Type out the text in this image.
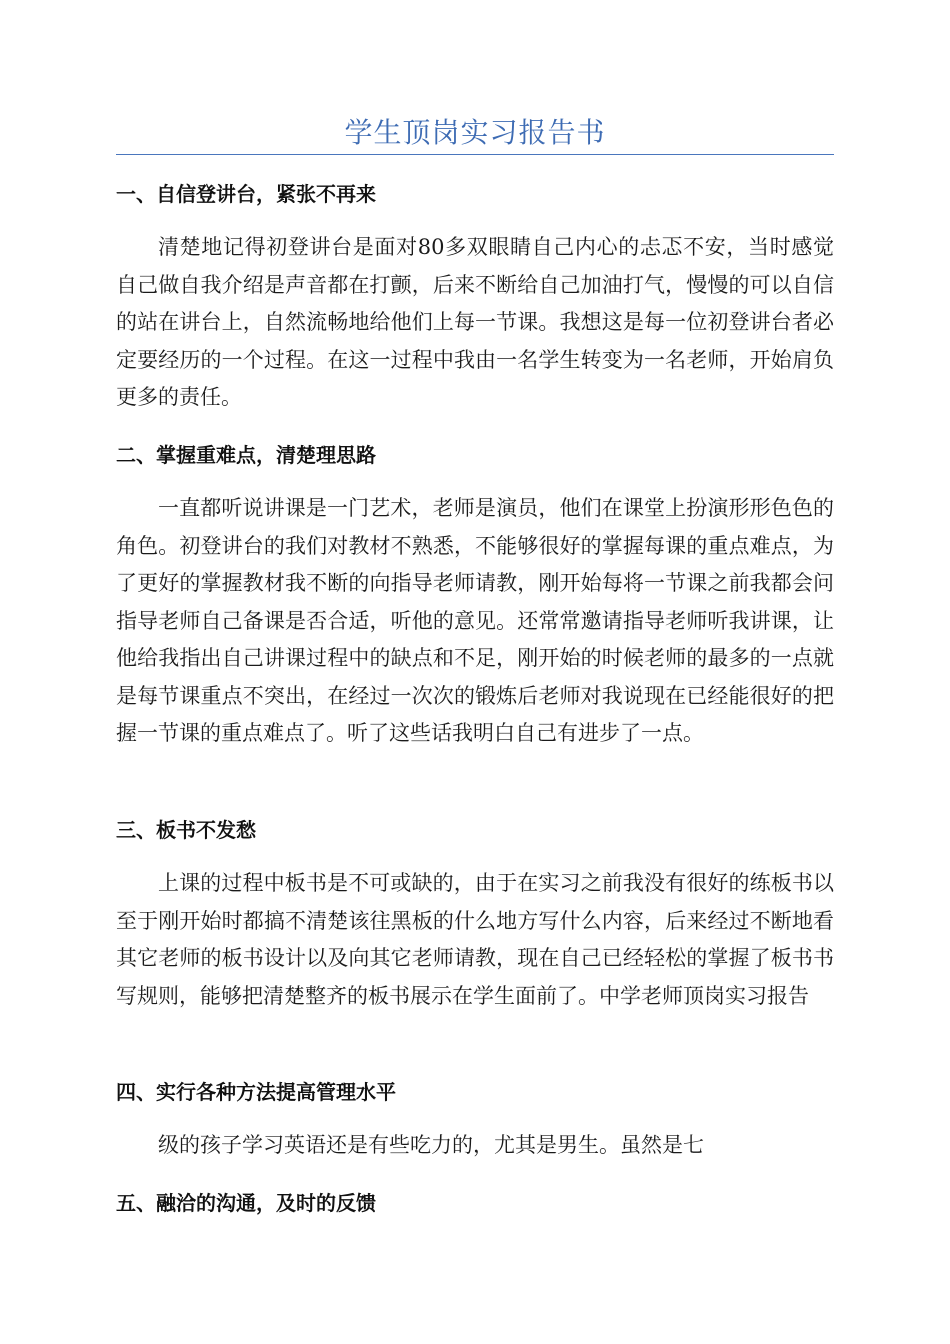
学生顶岗实习报告书
一、自信登讲台，紧张不再来
清楚地记得初登讲台是面对80多双眼睛自己内心的忐忑不安，当时感觉自己做自我介绍是声音都在打颤，后来不断给自己加油打气，慢慢的可以自信的站在讲台上，自然流畅地给他们上每一节课。我想这是每一位初登讲台者必定要经历的一个过程。在这一过程中我由一名学生转变为一名老师，开始肩负更多的责任。
二、掌握重难点，清楚理思路
一直都听说讲课是一门艺术，老师是演员，他们在课堂上扮演形形色色的角色。初登讲台的我们对教材不熟悉，不能够很好的掌握每课的重点难点，为了更好的掌握教材我不断的向指导老师请教，刚开始每将一节课之前我都会问指导老师自己备课是否合适，听他的意见。还常常邀请指导老师听我讲课，让他给我指出自己讲课过程中的缺点和不足，刚开始的时候老师的最多的一点就是每节课重点不突出，在经过一次次的锻炼后老师对我说现在已经能很好的把握一节课的重点难点了。听了这些话我明白自己有进步了一点。
三、板书不发愁
上课的过程中板书是不可或缺的，由于在实习之前我没有很好的练板书以至于刚开始时都搞不清楚该往黑板的什么地方写什么内容，后来经过不断地看其它老师的板书设计以及向其它老师请教，现在自己已经轻松的掌握了板书书写规则，能够把清楚整齐的板书展示在学生面前了。中学老师顶岗实习报告
四、实行各种方法提高管理水平
级的孩子学习英语还是有些吃力的，尤其是男生。虽然是七
五、融洽的沟通，及时的反馈
